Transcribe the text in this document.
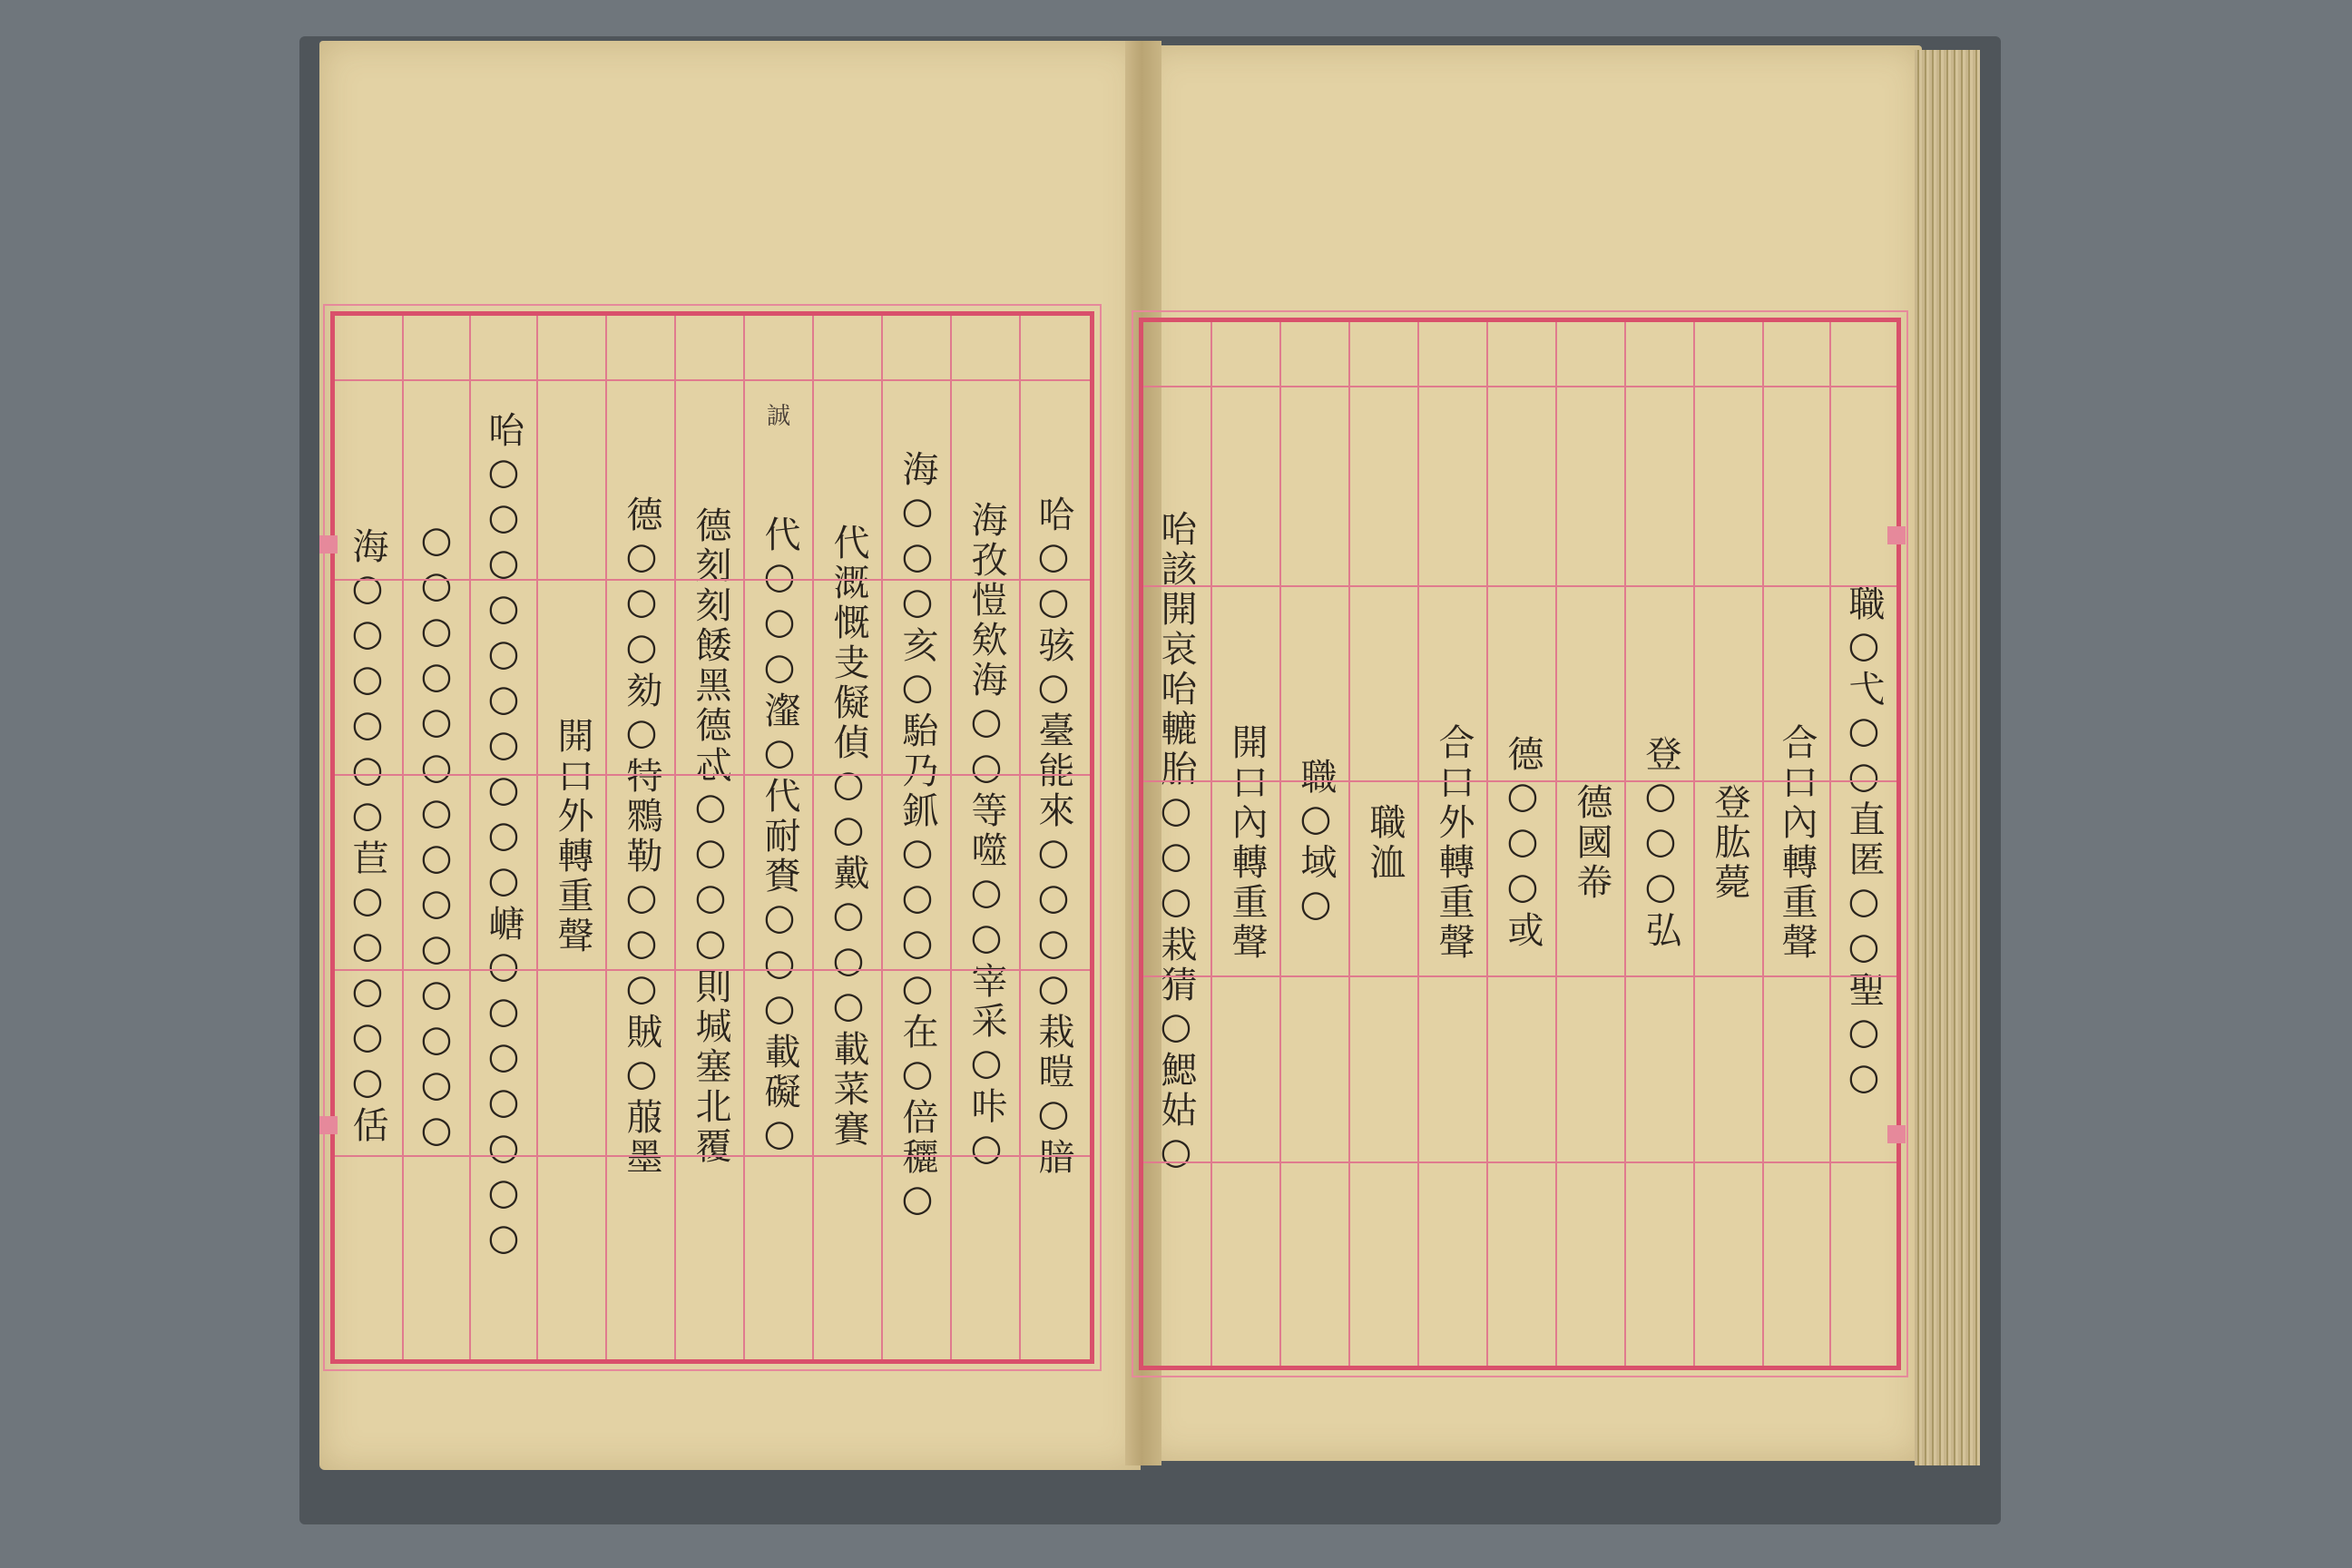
海○○○○○○苣○○○○○佸 ○○○○○○○○○○○○○○ 咍○○○○○○○○○○嵣○○○○○○○ 開口外轉重聲 德○○○劾○特䳴勒○○○賊○菔墨 德刻刻餧黑德忒○○○○則堿塞北覆 代○○○瀣○代耐賚○○○載礙○ 代溉慨叏儗偵○○戴○○○載菜賽 海○○○亥○駘乃釽○○○○在○倍穲○ 海孜愷欸海○○等噬○○宰采○咔○ 哈○○骇○臺能來○○○○栽暟○腤
誠
咍該開哀咍轆胎○○○栽猜○鰓姑○ 開口內轉重聲 職○域○ 職洫 合口外轉重聲 德○○○或 德國帣 登○○○弘 登肱薨 合口內轉重聲 職○弋○○直匿○○聖○○
